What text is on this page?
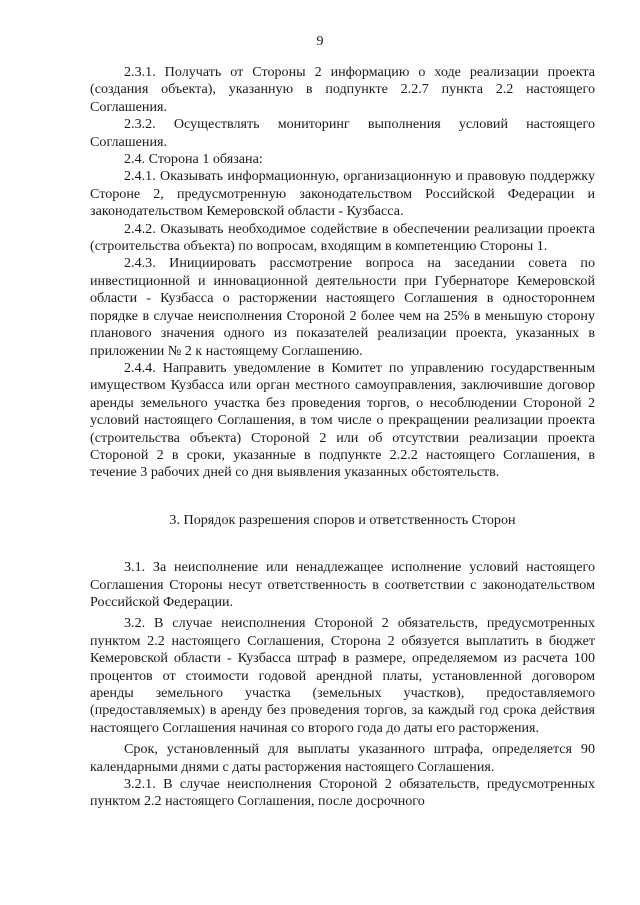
9

2.3.1. Получать от Стороны 2 информацию о ходе реализации проекта (создания объекта), указанную в подпункте 2.2.7 пункта 2.2 настоящего Соглашения.

2.3.2. Осуществлять мониторинг выполнения условий настоящего Соглашения.

2.4. Сторона 1 обязана:

2.4.1. Оказывать информационную, организационную и правовую поддержку Стороне 2, предусмотренную законодательством Российской Федерации и законодательством Кемеровской области - Кузбасса.

2.4.2. Оказывать необходимое содействие в обеспечении реализации проекта (строительства объекта) по вопросам, входящим в компетенцию Стороны 1.

2.4.3. Инициировать рассмотрение вопроса на заседании совета по инвестиционной и инновационной деятельности при Губернаторе Кемеровской области - Кузбасса о расторжении настоящего Соглашения в одностороннем порядке в случае неисполнения Стороной 2 более чем на 25% в меньшую сторону планового значения одного из показателей реализации проекта, указанных в приложении № 2 к настоящему Соглашению.

2.4.4. Направить уведомление в Комитет по управлению государственным имуществом Кузбасса или орган местного самоуправления, заключившие договор аренды земельного участка без проведения торгов, о несоблюдении Стороной 2 условий настоящего Соглашения, в том числе о прекращении реализации проекта (строительства объекта) Стороной 2 или об отсутствии реализации проекта Стороной 2 в сроки, указанные в подпункте 2.2.2 настоящего Соглашения, в течение 3 рабочих дней со дня выявления указанных обстоятельств.

3. Порядок разрешения споров и ответственность Сторон

3.1. За неисполнение или ненадлежащее исполнение условий настоящего Соглашения Стороны несут ответственность в соответствии с законодательством Российской Федерации.

3.2. В случае неисполнения Стороной 2 обязательств, предусмотренных пунктом 2.2 настоящего Соглашения, Сторона 2 обязуется выплатить в бюджет Кемеровской области - Кузбасса штраф в размере, определяемом из расчета 100 процентов от стоимости годовой арендной платы, установленной договором аренды земельного участка (земельных участков), предоставляемого (предоставляемых) в аренду без проведения торгов, за каждый год срока действия настоящего Соглашения начиная со второго года до даты его расторжения.

Срок, установленный для выплаты указанного штрафа, определяется 90 календарными днями с даты расторжения настоящего Соглашения.

3.2.1. В случае неисполнения Стороной 2 обязательств, предусмотренных пунктом 2.2 настоящего Соглашения, после досрочного
